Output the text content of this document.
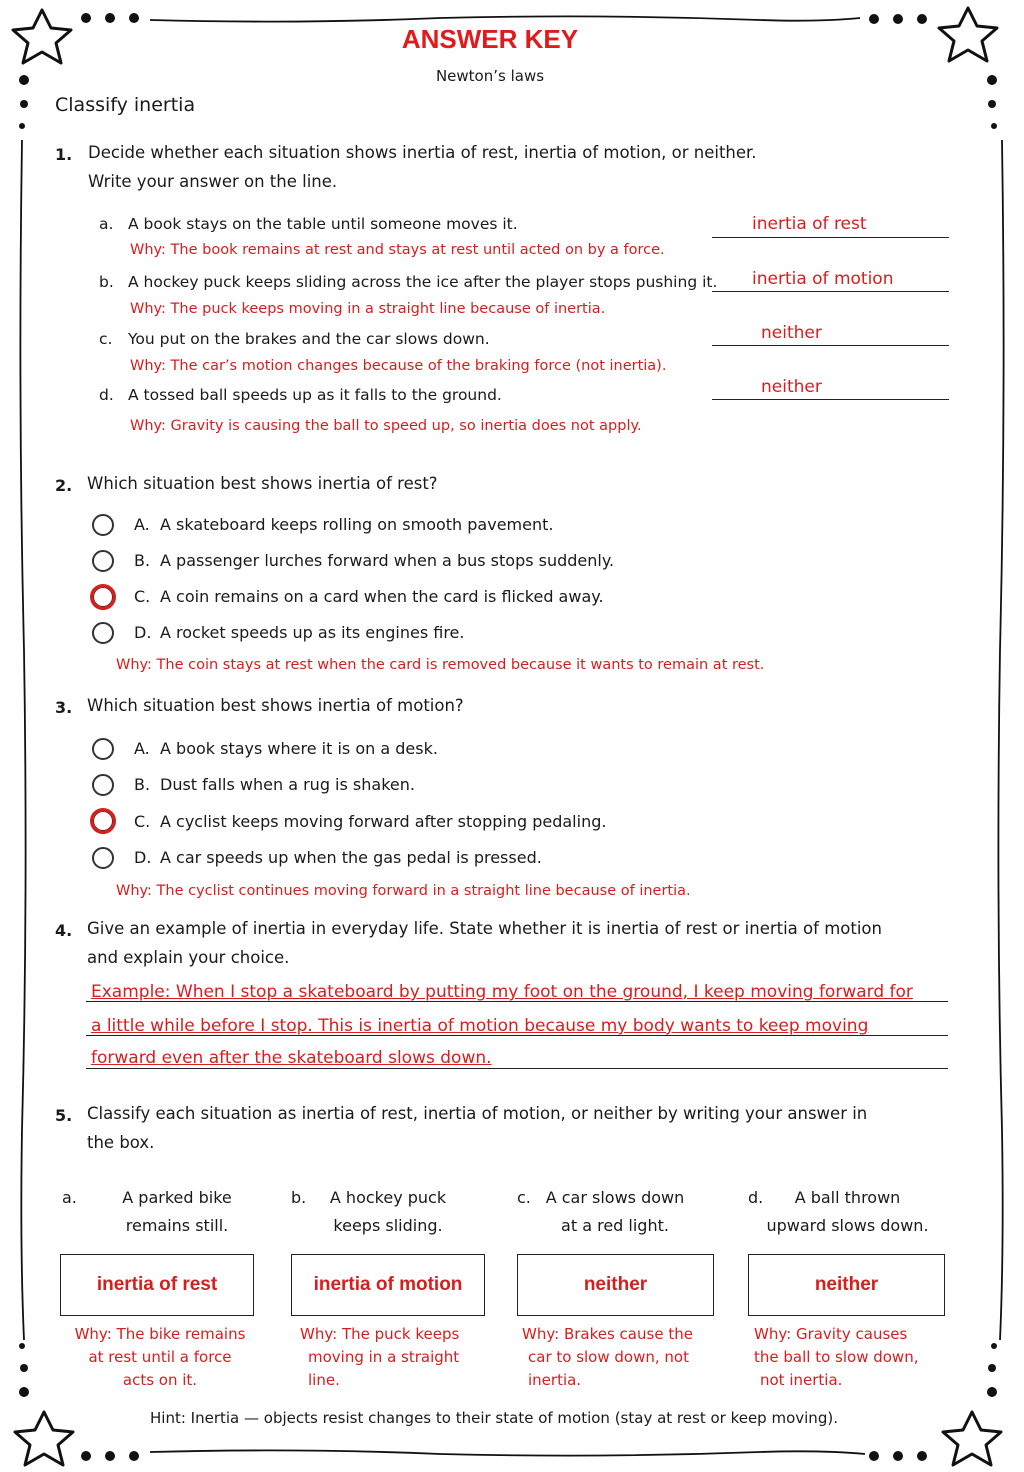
ANSWER KEY
Newton’s laws
Classify inertia
1. Decide whether each situation shows inertia of rest, inertia of motion, or neither.
Write your answer on the line.
a. A book stays on the table until someone moves it.	inertia of rest
Why: The book remains at rest and stays at rest until acted on by a force.
b. A hockey puck keeps sliding across the ice after the player stops pushing it. inertia of motion
Why: The puck keeps moving in a straight line because of inertia.
c. You put on the brakes and the car slows down.	neither
Why: The car’s motion changes because of the braking force (not inertia).
d. A tossed ball speeds up as it falls to the ground.	neither
Why: Gravity is causing the ball to speed up, so inertia does not apply.
2. Which situation best shows inertia of rest?
A. A skateboard keeps rolling on smooth pavement.
B. A passenger lurches forward when a bus stops suddenly.
C. A coin remains on a card when the card is flicked away.
D. A rocket speeds up as its engines fire.
Why: The coin stays at rest when the card is removed because it wants to remain at rest.
3. Which situation best shows inertia of motion?
A. A book stays where it is on a desk.
B. Dust falls when a rug is shaken.
C. A cyclist keeps moving forward after stopping pedaling.
D. A car speeds up when the gas pedal is pressed.
Why: The cyclist continues moving forward in a straight line because of inertia.
4. Give an example of inertia in everyday life. State whether it is inertia of rest or inertia of motion
and explain your choice.
Example: When I stop a skateboard by putting my foot on the ground, I keep moving forward for
a little while before I stop. This is inertia of motion because my body wants to keep moving
forward even after the skateboard slows down.
5. Classify each situation as inertia of rest, inertia of motion, or neither by writing your answer in
the box.
a.	A parked bike
remains still.
inertia of rest
Why: The bike remains
at rest until a force
acts on it.
b.	A hockey puck
keeps sliding.
inertia of motion
Why: The puck keeps
moving in a straight
line.
c. A car slows down
at a red light.
neither
Why: Brakes cause the
car to slow down, not
inertia.
d.	A ball thrown
upward slows down.
neither
Why: Gravity causes
the ball to slow down,
not inertia.
Hint: Inertia — objects resist changes to their state of motion (stay at rest or keep moving).
